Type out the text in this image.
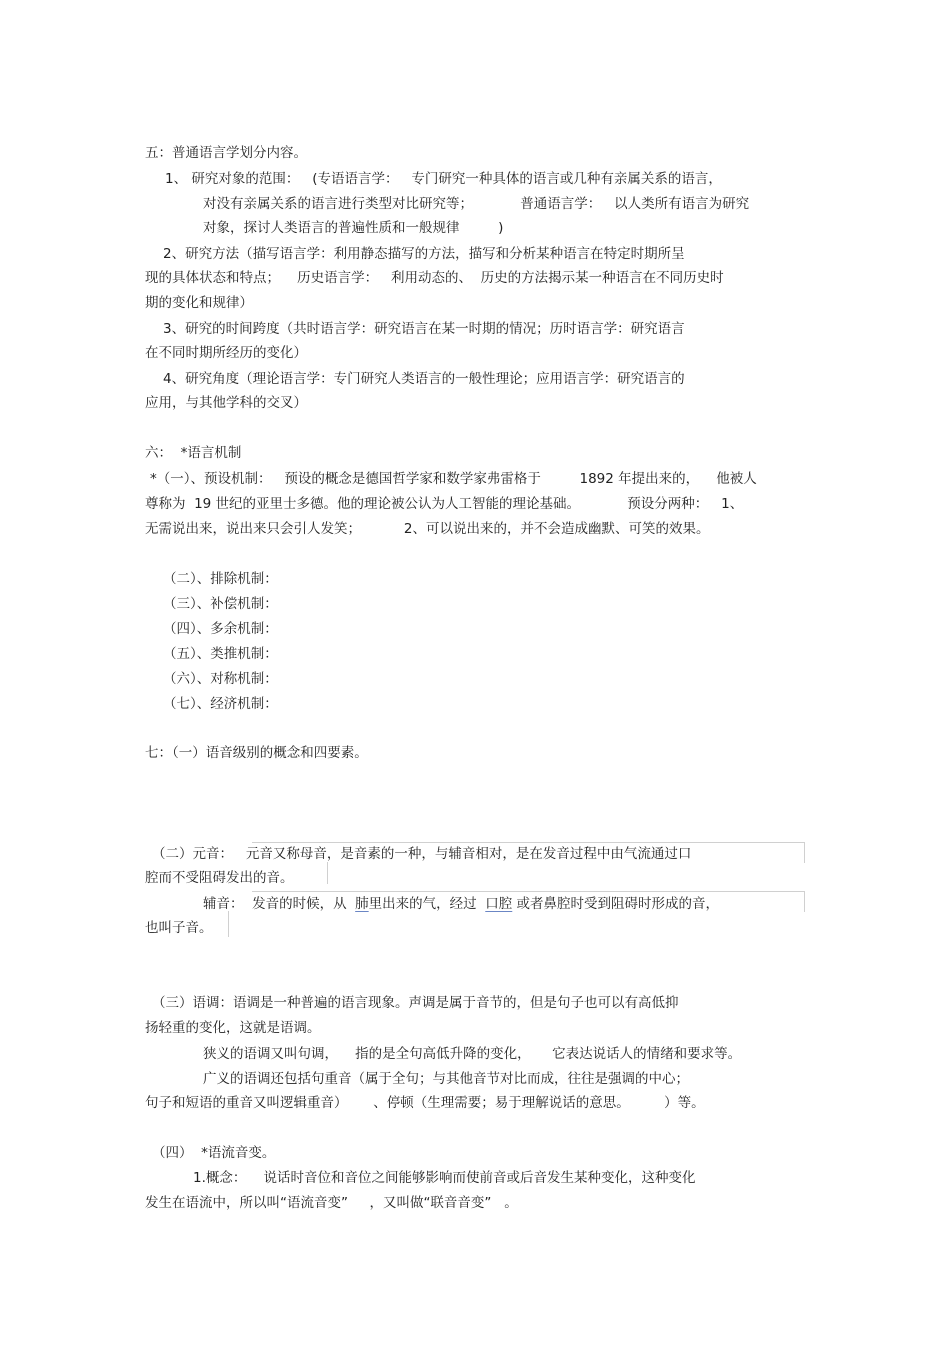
五：普通语言学划分内容。
1、 研究对象的范围：   (专语语言学：   专门研究一种具体的语言或几种有亲属关系的语言，
对没有亲属关系的语言进行类型对比研究等；           普通语言学：   以人类所有语言为研究
对象，探讨人类语言的普遍性质和一般规律         )
2、研究方法（描写语言学：利用静态描写的方法，描写和分析某种语言在特定时期所呈
现的具体状态和特点；    历史语言学：   利用动态的、  历史的方法揭示某一种语言在不同历史时
期的变化和规律）
3、研究的时间跨度（共时语言学：研究语言在某一时期的情况；历时语言学：研究语言
在不同时期所经历的变化）
4、研究角度（理论语言学：专门研究人类语言的一般性理论；应用语言学：研究语言的
应用，与其他学科的交叉）
六：  *语言机制
*（一）、预设机制：   预设的概念是德国哲学家和数学家弗雷格于         1892 年提出来的，    他被人
尊称为  19 世纪的亚里士多德。他的理论被公认为人工智能的理论基础。           预设分两种：   1、
无需说出来，说出来只会引人发笑；          2、可以说出来的，并不会造成幽默、可笑的效果。
（二）、排除机制：
（三）、补偿机制：
（四）、多余机制：
（五）、类推机制：
（六）、对称机制：
（七）、经济机制：
七：（一）语音级别的概念和四要素。
（二）元音：   元音又称母音，是音素的一种，与辅音相对，是在发音过程中由气流通过口
腔而不受阻碍发出的音。
辅音：  发音的时候，从  肺里出来的气，经过  口腔 或者鼻腔时受到阻碍时形成的音，
也叫子音。
（三）语调：语调是一种普遍的语言现象。声调是属于音节的，但是句子也可以有高低抑
扬轻重的变化，这就是语调。
狭义的语调又叫句调，    指的是全句高低升降的变化，     它表达说话人的情绪和要求等。
广义的语调还包括句重音（属于全句；与其他音节对比而成，往往是强调的中心；
句子和短语的重音又叫逻辑重音）      、停顿（生理需要；易于理解说话的意思。        ）等。
（四）  *语流音变。
1.概念：    说话时音位和音位之间能够影响而使前音或后音发生某种变化，这种变化
发生在语流中，所以叫“语流音变”     ，又叫做“联音音变”   。
